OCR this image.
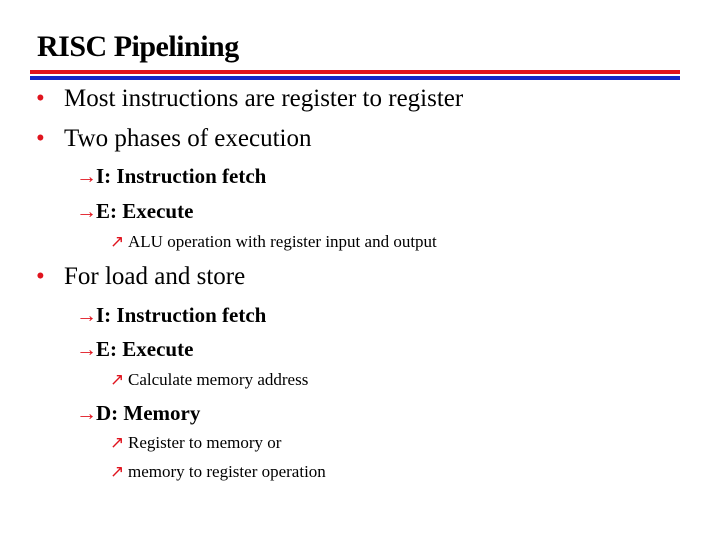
RISC Pipelining
• Most instructions are register to register
• Two phases of execution
→I: Instruction fetch
→E: Execute
↗ ALU operation with register input and output
• For load and store
→I: Instruction fetch
→E: Execute
↗ Calculate memory address
→D: Memory
↗ Register to memory or
↗ memory to register operation
